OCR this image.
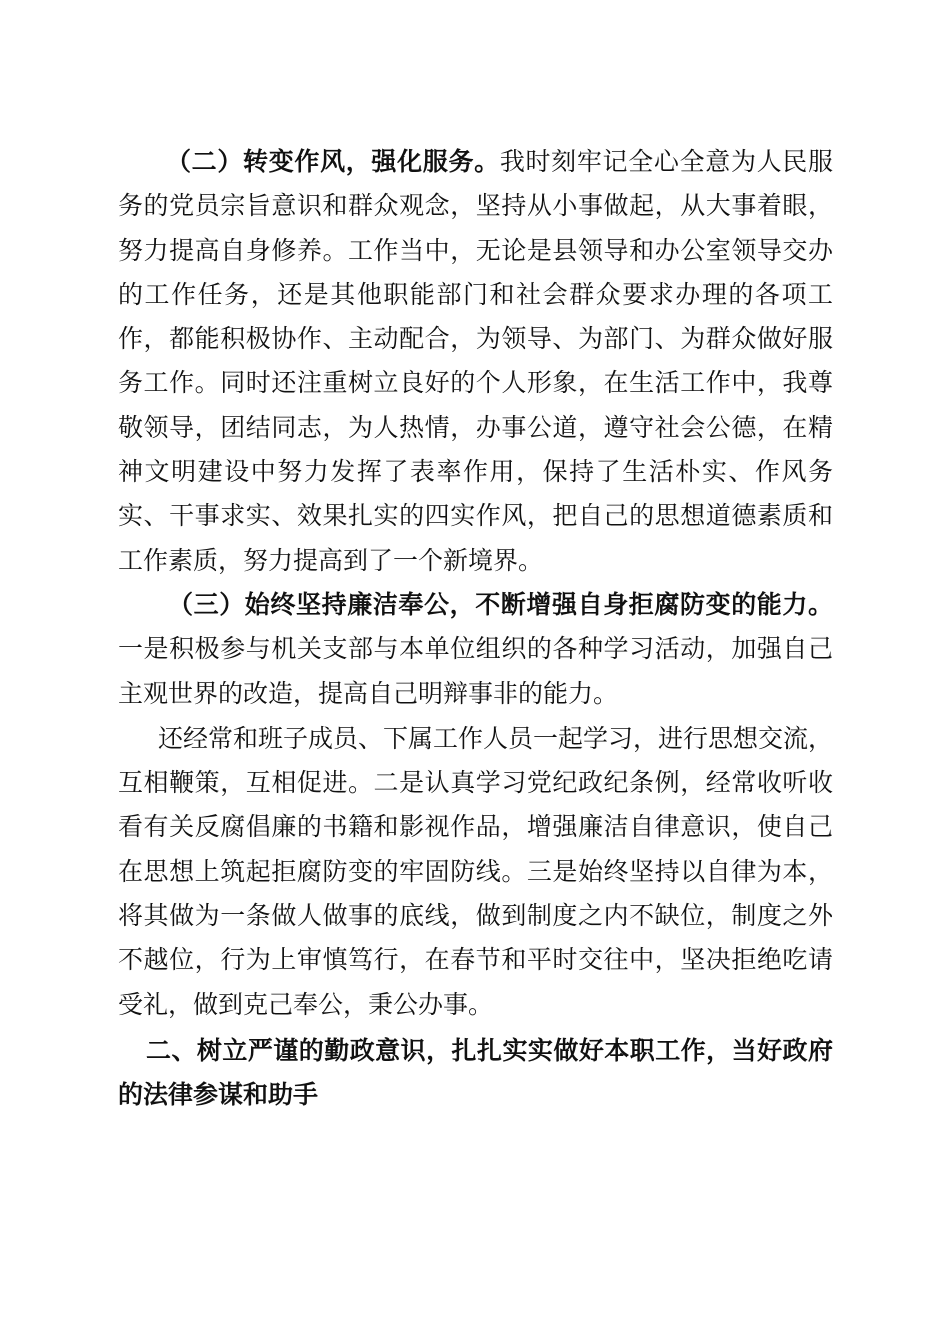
（二）转变作风，强化服务。我时刻牢记全心全意为人民服务的党员宗旨意识和群众观念，坚持从小事做起，从大事着眼，努力提高自身修养。工作当中，无论是县领导和办公室领导交办的工作任务，还是其他职能部门和社会群众要求办理的各项工作，都能积极协作、主动配合，为领导、为部门、为群众做好服务工作。同时还注重树立良好的个人形象，在生活工作中，我尊敬领导，团结同志，为人热情，办事公道，遵守社会公德，在精神文明建设中努力发挥了表率作用，保持了生活朴实、作风务实、干事求实、效果扎实的四实作风，把自己的思想道德素质和工作素质，努力提高到了一个新境界。

（三）始终坚持廉洁奉公，不断增强自身拒腐防变的能力。一是积极参与机关支部与本单位组织的各种学习活动，加强自己主观世界的改造，提高自己明辩事非的能力。

还经常和班子成员、下属工作人员一起学习，进行思想交流，互相鞭策，互相促进。二是认真学习党纪政纪条例，经常收听收看有关反腐倡廉的书籍和影视作品，增强廉洁自律意识，使自己在思想上筑起拒腐防变的牢固防线。三是始终坚持以自律为本，将其做为一条做人做事的底线，做到制度之内不缺位，制度之外不越位，行为上审慎笃行，在春节和平时交往中，坚决拒绝吃请受礼，做到克己奉公，秉公办事。

二、树立严谨的勤政意识，扎扎实实做好本职工作，当好政府的法律参谋和助手
